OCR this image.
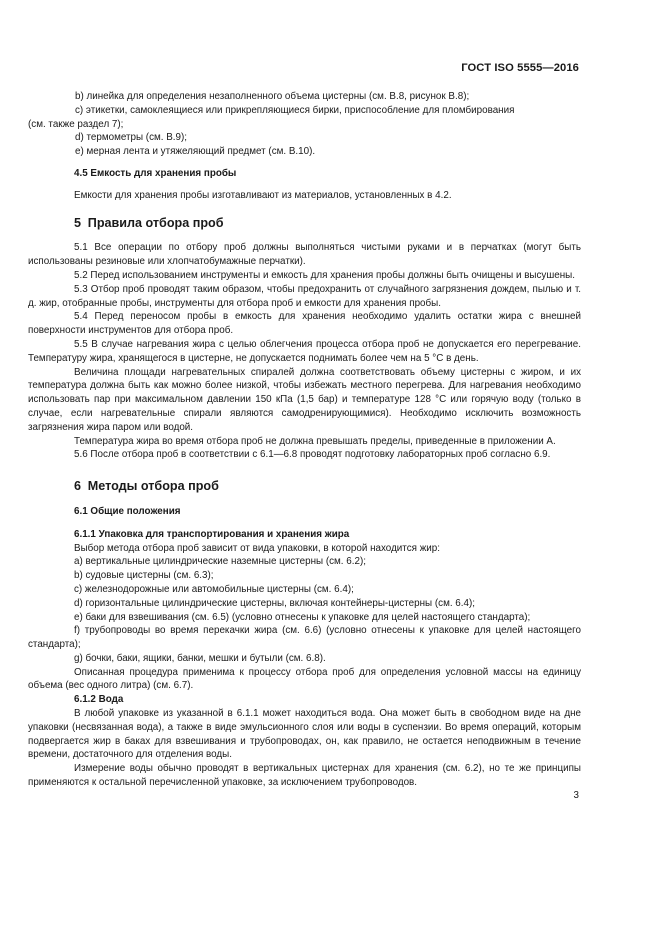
ГОСТ ISO 5555—2016

b) линейка для определения незаполненного объема цистерны (см. В.8, рисунок В.8);

c) этикетки, самоклеящиеся или прикрепляющиеся бирки, приспособление для пломбирования

(см. также раздел 7);

d) термометры (см. В.9);

e) мерная лента и утяжеляющий предмет (см. В.10).

4.5 Емкость для хранения пробы

Емкости для хранения пробы изготавливают из материалов, установленных в 4.2.

5 Правила отбора проб

5.1 Все операции по отбору проб должны выполняться чистыми руками и в перчатках (могут быть использованы резиновые или хлопчатобумажные перчатки).

5.2 Перед использованием инструменты и емкость для хранения пробы должны быть очищены и высушены.

5.3 Отбор проб проводят таким образом, чтобы предохранить от случайного загрязнения дождем, пылью и т. д. жир, отобранные пробы, инструменты для отбора проб и емкости для хранения пробы.

5.4 Перед переносом пробы в емкость для хранения необходимо удалить остатки жира с внешней поверхности инструментов для отбора проб.

5.5 В случае нагревания жира с целью облегчения процесса отбора проб не допускается его перегревание. Температуру жира, хранящегося в цистерне, не допускается поднимать более чем на 5 °С в день.

Величина площади нагревательных спиралей должна соответствовать объему цистерны с жиром, и их температура должна быть как можно более низкой, чтобы избежать местного перегрева. Для нагревания необходимо использовать пар при максимальном давлении 150 кПа (1,5 бар) и температуре 128 °С или горячую воду (только в случае, если нагревательные спирали являются самодренирующимися). Необходимо исключить возможность загрязнения жира паром или водой.

Температура жира во время отбора проб не должна превышать пределы, приведенные в приложении А.

5.6 После отбора проб в соответствии с 6.1—6.8 проводят подготовку лабораторных проб согласно 6.9.

6 Методы отбора проб

6.1 Общие положения

6.1.1 Упаковка для транспортирования и хранения жира

Выбор метода отбора проб зависит от вида упаковки, в которой находится жир:

a) вертикальные цилиндрические наземные цистерны (см. 6.2);

b) судовые цистерны (см. 6.3);

c) железнодорожные или автомобильные цистерны (см. 6.4);

d) горизонтальные цилиндрические цистерны, включая контейнеры-цистерны (см. 6.4);

e) баки для взвешивания (см. 6.5) (условно отнесены к упаковке для целей настоящего стандарта);

f) трубопроводы во время перекачки жира (см. 6.6) (условно отнесены к упаковке для целей настоящего стандарта);

g) бочки, баки, ящики, банки, мешки и бутыли (см. 6.8).

Описанная процедура применима к процессу отбора проб для определения условной массы на единицу объема (вес одного литра) (см. 6.7).

6.1.2 Вода

В любой упаковке из указанной в 6.1.1 может находиться вода. Она может быть в свободном виде на дне упаковки (несвязанная вода), а также в виде эмульсионного слоя или воды в суспензии. Во время операций, которым подвергается жир в баках для взвешивания и трубопроводах, он, как правило, не остается неподвижным в течение времени, достаточного для отделения воды.

Измерение воды обычно проводят в вертикальных цистернах для хранения (см. 6.2), но те же принципы применяются к остальной перечисленной упаковке, за исключением трубопроводов.

3
